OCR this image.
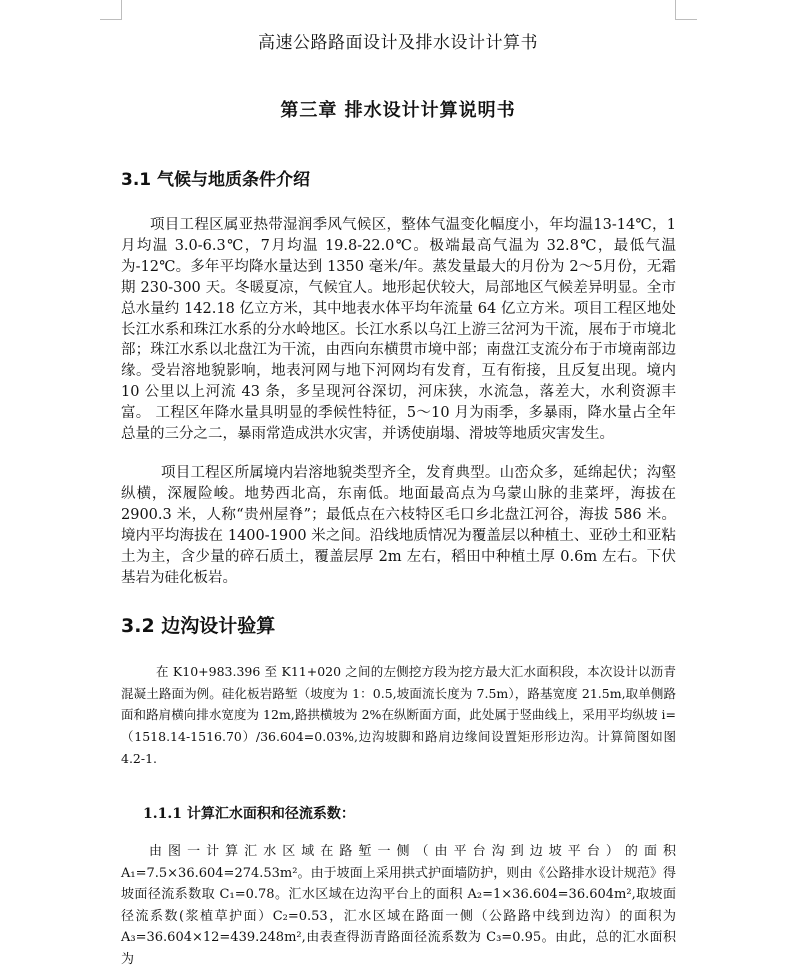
高速公路路面设计及排水设计计算书
第三章 排水设计计算说明书
3.1 气候与地质条件介绍
项目工程区属亚热带湿润季风气候区，整体气温变化幅度小，年均温13-14℃，1月均温 3.0-6.3℃，7月均温 19.8-22.0℃。极端最高气温为 32.8℃，最低气温为-12℃。多年平均降水量达到 1350 毫米/年。蒸发量最大的月份为 2～5月份，无霜期 230-300 天。冬暖夏凉，气候宜人。地形起伏较大，局部地区气候差异明显。全市总水量约 142.18 亿立方米，其中地表水体平均年流量 64 亿立方米。项目工程区地处长江水系和珠江水系的分水岭地区。长江水系以乌江上游三岔河为干流，展布于市境北部；珠江水系以北盘江为干流，由西向东横贯市境中部；南盘江支流分布于市境南部边缘。受岩溶地貌影响，地表河网与地下河网均有发育，互有衔接，且反复出现。境内 10 公里以上河流 43 条，多呈现河谷深切，河床狭，水流急，落差大，水利资源丰富。 工程区年降水量具明显的季候性特征，5～10 月为雨季，多暴雨，降水量占全年总量的三分之二，暴雨常造成洪水灾害，并诱使崩塌、滑坡等地质灾害发生。
项目工程区所属境内岩溶地貌类型齐全，发育典型。山峦众多，延绵起伏；沟壑纵横，深履险峻。地势西北高，东南低。地面最高点为乌蒙山脉的韭菜坪，海拔在 2900.3 米，人称“贵州屋脊”；最低点在六枝特区毛口乡北盘江河谷，海拔 586 米。境内平均海拔在 1400-1900 米之间。沿线地质情况为覆盖层以种植土、亚砂土和亚粘土为主，含少量的碎石质土，覆盖层厚 2m 左右，稻田中种植土厚 0.6m 左右。下伏基岩为硅化板岩。
3.2 边沟设计验算
在 K10+983.396 至 K11+020 之间的左侧挖方段为挖方最大汇水面积段，本次设计以沥青混凝土路面为例。硅化板岩路堑（坡度为 1：0.5,坡面流长度为 7.5m），路基宽度 21.5m,取单侧路面和路肩横向排水宽度为 12m,路拱横坡为 2%在纵断面方面，此处属于竖曲线上，采用平均纵坡 i=（1518.14-1516.70）/36.604=0.03%,边沟坡脚和路肩边缘间设置矩形形边沟。计算简图如图 4.2-1.
1.1.1 计算汇水面积和径流系数：
由图一计算汇水区域在路堑一侧（由平台沟到边坡平台）的面积 A₁=7.5×36.604=274.53m²。由于坡面上采用拱式护面墙防护，则由《公路排水设计规范》得坡面径流系数取 C₁=0.78。汇水区域在边沟平台上的面积 A₂=1×36.604=36.604m²,取坡面径流系数(浆植草护面）C₂=0.53，汇水区域在路面一侧（公路路中线到边沟）的面积为 A₃=36.604×12=439.248m²,由表查得沥青路面径流系数为 C₃=0.95。由此，总的汇水面积为
